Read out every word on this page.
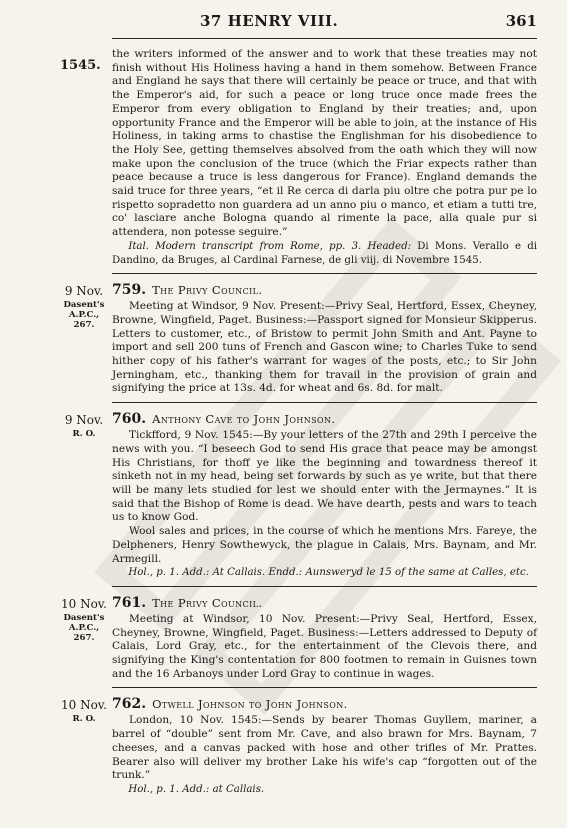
37 HENRY VIII.	361
1545.

the writers informed of the answer and to work that these treaties may not finish without His Holiness having a hand in them somehow. Between France and England he says that there will certainly be peace or truce, and that with the Emperor's aid, for such a peace or long truce once made frees the Emperor from every obligation to England by their treaties; and, upon opportunity France and the Emperor will be able to join, at the instance of His Holiness, in taking arms to chastise the Englishman for his disobedience to the Holy See, getting themselves absolved from the oath which they will now make upon the conclusion of the truce (which the Friar expects rather than peace because a truce is less dangerous for France). England demands the said truce for three years, “et il Re cerca di darla piu oltre che potra pur pe lo rispetto sopradetto non guardera ad un anno piu o manco, et etiam a tutti tre, co' lasciare anche Bologna quando al rimente la pace, alla quale pur si attendera, non potesse seguire.”

Ital. Modern transcript from Rome, pp. 3. Headed: Di Mons. Verallo e di Dandino, da Bruges, al Cardinal Farnese, de gli viij. di Novembre 1545.

9 Nov.
Dasent's A.P.C., 267.
759. The Privy Council.

Meeting at Windsor, 9 Nov. Present:—Privy Seal, Hertford, Essex, Cheyney, Browne, Wingfield, Paget. Business:—Passport signed for Monsieur Skipperus. Letters to customer, etc., of Bristow to permit John Smith and Ant. Payne to import and sell 200 tuns of French and Gascon wine; to Charles Tuke to send hither copy of his father's warrant for wages of the posts, etc.; to Sir John Jerningham, etc., thanking them for travail in the provision of grain and signifying the price at 13s. 4d. for wheat and 6s. 8d. for malt.

9 Nov.
R. O.
760. Anthony Cave to John Johnson.

Tickfford, 9 Nov. 1545:—By your letters of the 27th and 29th I perceive the news with you. “I beseech God to send His grace that peace may be amongst His Christians, for thoff ye like the beginning and towardness thereof it sinketh not in my head, being set forwards by such as ye write, but that there will be many lets studied for lest we should enter with the Jermaynes.” It is said that the Bishop of Rome is dead. We have dearth, pests and wars to teach us to know God.

Wool sales and prices, in the course of which he mentions Mrs. Fareye, the Delpheners, Henry Sowthewyck, the plague in Calais, Mrs. Baynam, and Mr. Armegill.

Hol., p. 1. Add.: At Callais. Endd.: Aunsweryd le 15 of the same at Calles, etc.

10 Nov.
Dasent's A.P.C., 267.
761. The Privy Council.

Meeting at Windsor, 10 Nov. Present:—Privy Seal, Hertford, Essex, Cheyney, Browne, Wingfield, Paget. Business:—Letters addressed to Deputy of Calais, Lord Gray, etc., for the entertainment of the Clevois there, and signifying the King's contentation for 800 footmen to remain in Guisnes town and the 16 Arbanoys under Lord Gray to continue in wages.

10 Nov.
R. O.
762. Otwell Johnson to John Johnson.

London, 10 Nov. 1545:—Sends by bearer Thomas Guyllem, mariner, a barrel of “double” sent from Mr. Cave, and also brawn for Mrs. Baynam, 7 cheeses, and a canvas packed with hose and other trifles of Mr. Prattes. Bearer also will deliver my brother Lake his wife's cap “forgotten out of the trunk.”

Hol., p. 1. Add.: at Callais.
